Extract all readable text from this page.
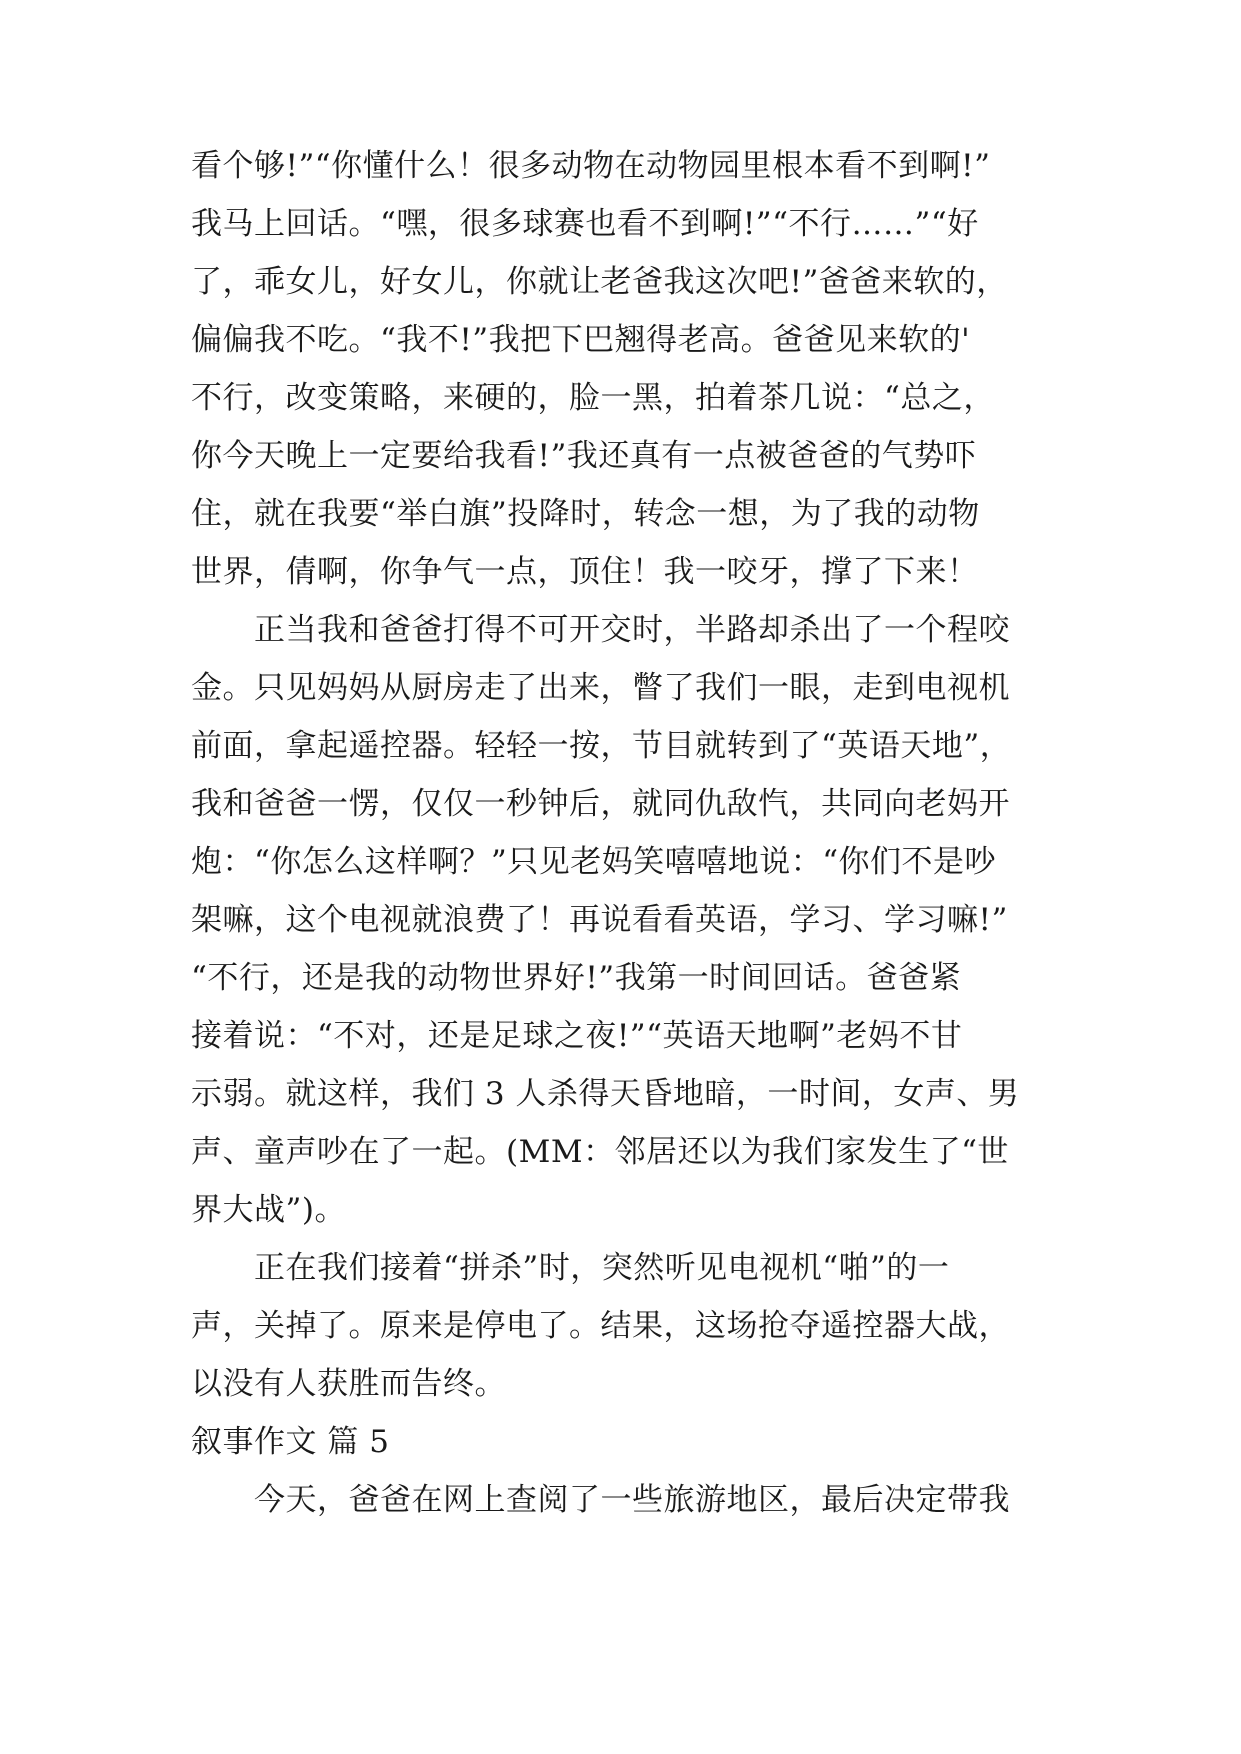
看个够!”“你懂什么！很多动物在动物园里根本看不到啊!”
我马上回话。“嘿，很多球赛也看不到啊!”“不行……”“好
了，乖女儿，好女儿，你就让老爸我这次吧!”爸爸来软的，
偏偏我不吃。“我不!”我把下巴翘得老高。爸爸见来软的'
不行，改变策略，来硬的，脸一黑，拍着茶几说：“总之，
你今天晚上一定要给我看!”我还真有一点被爸爸的气势吓
住，就在我要“举白旗”投降时，转念一想，为了我的动物
世界，倩啊，你争气一点，顶住！我一咬牙，撑了下来！
正当我和爸爸打得不可开交时，半路却杀出了一个程咬
金。只见妈妈从厨房走了出来，瞥了我们一眼，走到电视机
前面，拿起遥控器。轻轻一按，节目就转到了“英语天地”，
我和爸爸一愣，仅仅一秒钟后，就同仇敌忾，共同向老妈开
炮：“你怎么这样啊？”只见老妈笑嘻嘻地说：“你们不是吵
架嘛，这个电视就浪费了！再说看看英语，学习、学习嘛!”
“不行，还是我的动物世界好!”我第一时间回话。爸爸紧
接着说：“不对，还是足球之夜!”“英语天地啊”老妈不甘
示弱。就这样，我们 3 人杀得天昏地暗，一时间，女声、男
声、童声吵在了一起。(MM：邻居还以为我们家发生了“世
界大战”)。
正在我们接着“拼杀”时，突然听见电视机“啪”的一
声，关掉了。原来是停电了。结果，这场抢夺遥控器大战，
以没有人获胜而告终。
叙事作文 篇 5
今天，爸爸在网上查阅了一些旅游地区，最后决定带我
